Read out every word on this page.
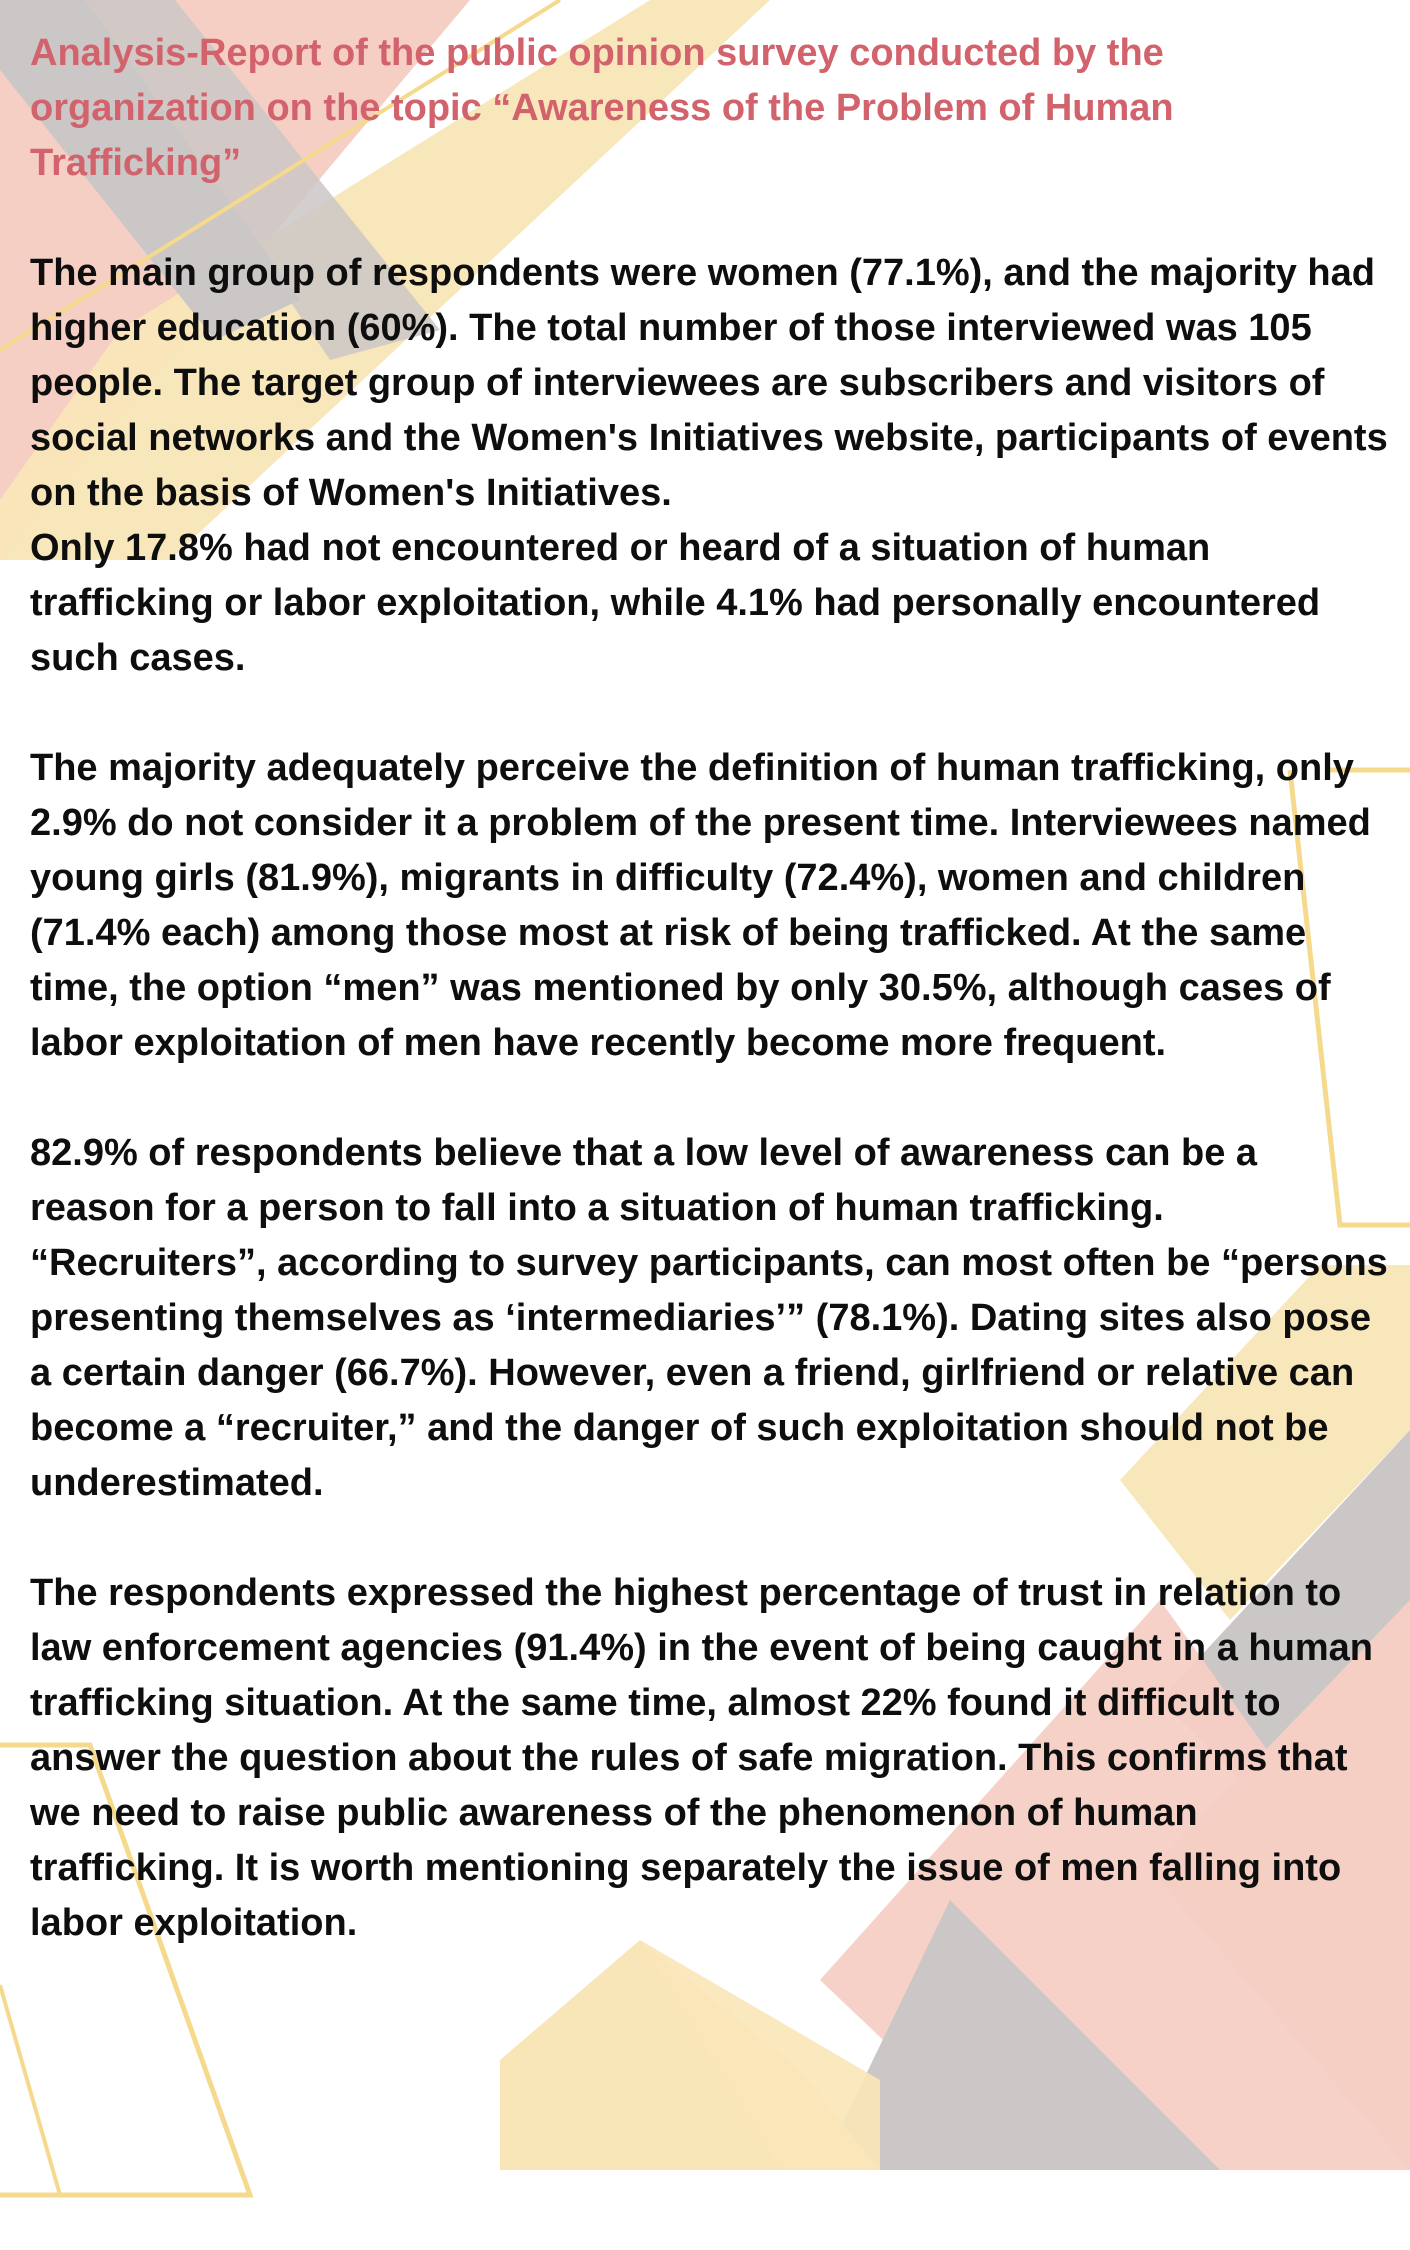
Analysis-Report of the public opinion survey conducted by the organization on the topic “Awareness of the Problem of Human Trafficking”
The main group of respondents were women (77.1%), and the majority had higher education (60%). The total number of those interviewed was 105 people. The target group of interviewees are subscribers and visitors of social networks and the Women's Initiatives website, participants of events on the basis of Women's Initiatives.
Only 17.8% had not encountered or heard of a situation of human trafficking or labor exploitation, while 4.1% had personally encountered such cases.
The majority adequately perceive the definition of human trafficking, only 2.9% do not consider it a problem of the present time. Interviewees named young girls (81.9%), migrants in difficulty (72.4%), women and children (71.4% each) among those most at risk of being trafficked. At the same time, the option “men” was mentioned by only 30.5%, although cases of labor exploitation of men have recently become more frequent.
82.9% of respondents believe that a low level of awareness can be a reason for a person to fall into a situation of human trafficking. “Recruiters”, according to survey participants, can most often be “persons presenting themselves as ‘intermediaries’” (78.1%). Dating sites also pose a certain danger (66.7%). However, even a friend, girlfriend or relative can become a “recruiter,” and the danger of such exploitation should not be underestimated.
The respondents expressed the highest percentage of trust in relation to law enforcement agencies (91.4%) in the event of being caught in a human trafficking situation. At the same time, almost 22% found it difficult to answer the question about the rules of safe migration. This confirms that we need to raise public awareness of the phenomenon of human trafficking. It is worth mentioning separately the issue of men falling into labor exploitation.
